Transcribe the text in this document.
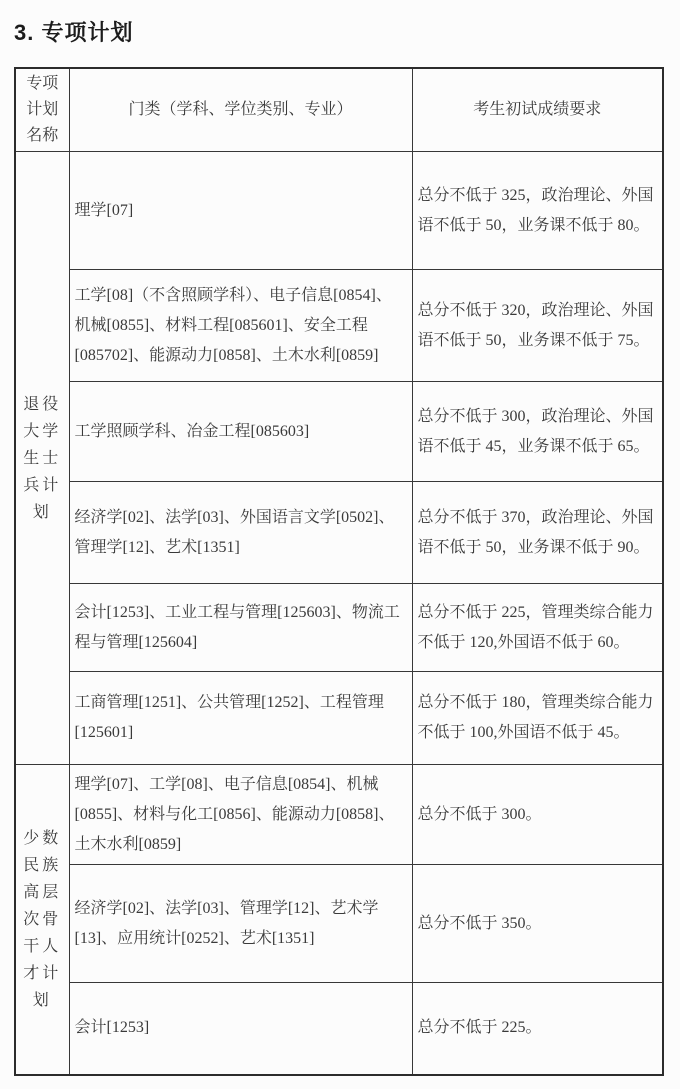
3. 专项计划
专项计划名称	门类（学科、学位类别、专业）	考生初试成绩要求

退役
大学
生士
兵计
划	理学[07]	总分不低于 325，政治理论、外国语不低于 50，业务课不低于 80。
	工学[08]（不含照顾学科）、电子信息[0854]、机械[0855]、材料工程[085601]、安全工程[085702]、能源动力[0858]、土木水利[0859]	总分不低于 320，政治理论、外国语不低于 50，业务课不低于 75。
	工学照顾学科、冶金工程[085603]	总分不低于 300，政治理论、外国语不低于 45，业务课不低于 65。
	经济学[02]、法学[03]、外国语言文学[0502]、管理学[12]、艺术[1351]	总分不低于 370，政治理论、外国语不低于 50，业务课不低于 90。
	会计[1253]、工业工程与管理[125603]、物流工程与管理[125604]	总分不低于 225，管理类综合能力不低于 120,外国语不低于 60。
	工商管理[1251]、公共管理[1252]、工程管理[125601]	总分不低于 180，管理类综合能力不低于 100,外国语不低于 45。

少数
民族
高层
次骨
干人
才计
划
	理学[07]、工学[08]、电子信息[0854]、机械[0855]、材料与化工[0856]、能源动力[0858]、土木水利[0859]	总分不低于 300。
	经济学[02]、法学[03]、管理学[12]、艺术学[13]、应用统计[0252]、艺术[1351]	总分不低于 350。
	会计[1253]	总分不低于 225。
